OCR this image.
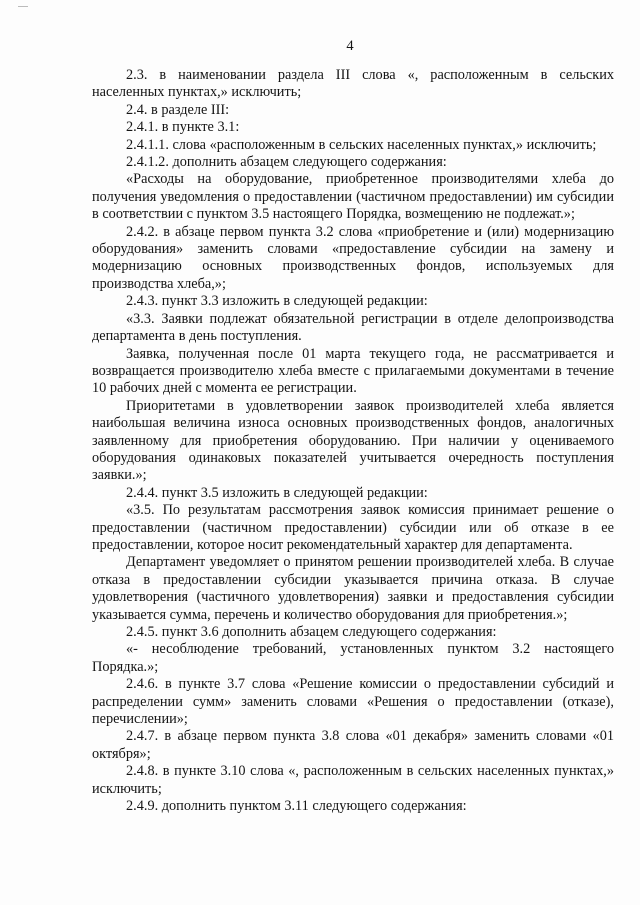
4

2.3. в наименовании раздела III слова «, расположенным в сельских населенных пунктах,» исключить;

2.4. в разделе III:

2.4.1. в пункте 3.1:

2.4.1.1. слова «расположенным в сельских населенных пунктах,» исключить;

2.4.1.2. дополнить абзацем следующего содержания:

«Расходы на оборудование, приобретенное производителями хлеба до получения уведомления о предоставлении (частичном предоставлении) им субсидии в соответствии с пунктом 3.5 настоящего Порядка, возмещению не подлежат.»;

2.4.2. в абзаце первом пункта 3.2 слова «приобретение и (или) модернизацию оборудования» заменить словами «предоставление субсидии на замену и модернизацию основных производственных фондов, используемых для производства хлеба,»;

2.4.3. пункт 3.3 изложить в следующей редакции:

«3.3. Заявки подлежат обязательной регистрации в отделе делопроизводства департамента в день поступления.

Заявка, полученная после 01 марта текущего года, не рассматривается и возвращается производителю хлеба вместе с прилагаемыми документами в течение 10 рабочих дней с момента ее регистрации.

Приоритетами в удовлетворении заявок производителей хлеба является наибольшая величина износа основных производственных фондов, аналогичных заявленному для приобретения оборудованию. При наличии у оцениваемого оборудования одинаковых показателей учитывается очередность поступления заявки.»;

2.4.4. пункт 3.5 изложить в следующей редакции:

«3.5. По результатам рассмотрения заявок комиссия принимает решение о предоставлении (частичном предоставлении) субсидии или об отказе в ее предоставлении, которое носит рекомендательный характер для департамента.

Департамент уведомляет о принятом решении производителей хлеба. В случае отказа в предоставлении субсидии указывается причина отказа. В случае удовлетворения (частичного удовлетворения) заявки и предоставления субсидии указывается сумма, перечень и количество оборудования для приобретения.»;

2.4.5. пункт 3.6 дополнить абзацем следующего содержания:

«- несоблюдение требований, установленных пунктом 3.2 настоящего Порядка.»;

2.4.6. в пункте 3.7 слова «Решение комиссии о предоставлении субсидий и распределении сумм» заменить словами «Решения о предоставлении (отказе), перечислении»;

2.4.7. в абзаце первом пункта 3.8 слова «01 декабря» заменить словами «01 октября»;

2.4.8. в пункте 3.10 слова «, расположенным в сельских населенных пунктах,» исключить;

2.4.9. дополнить пунктом 3.11 следующего содержания:
